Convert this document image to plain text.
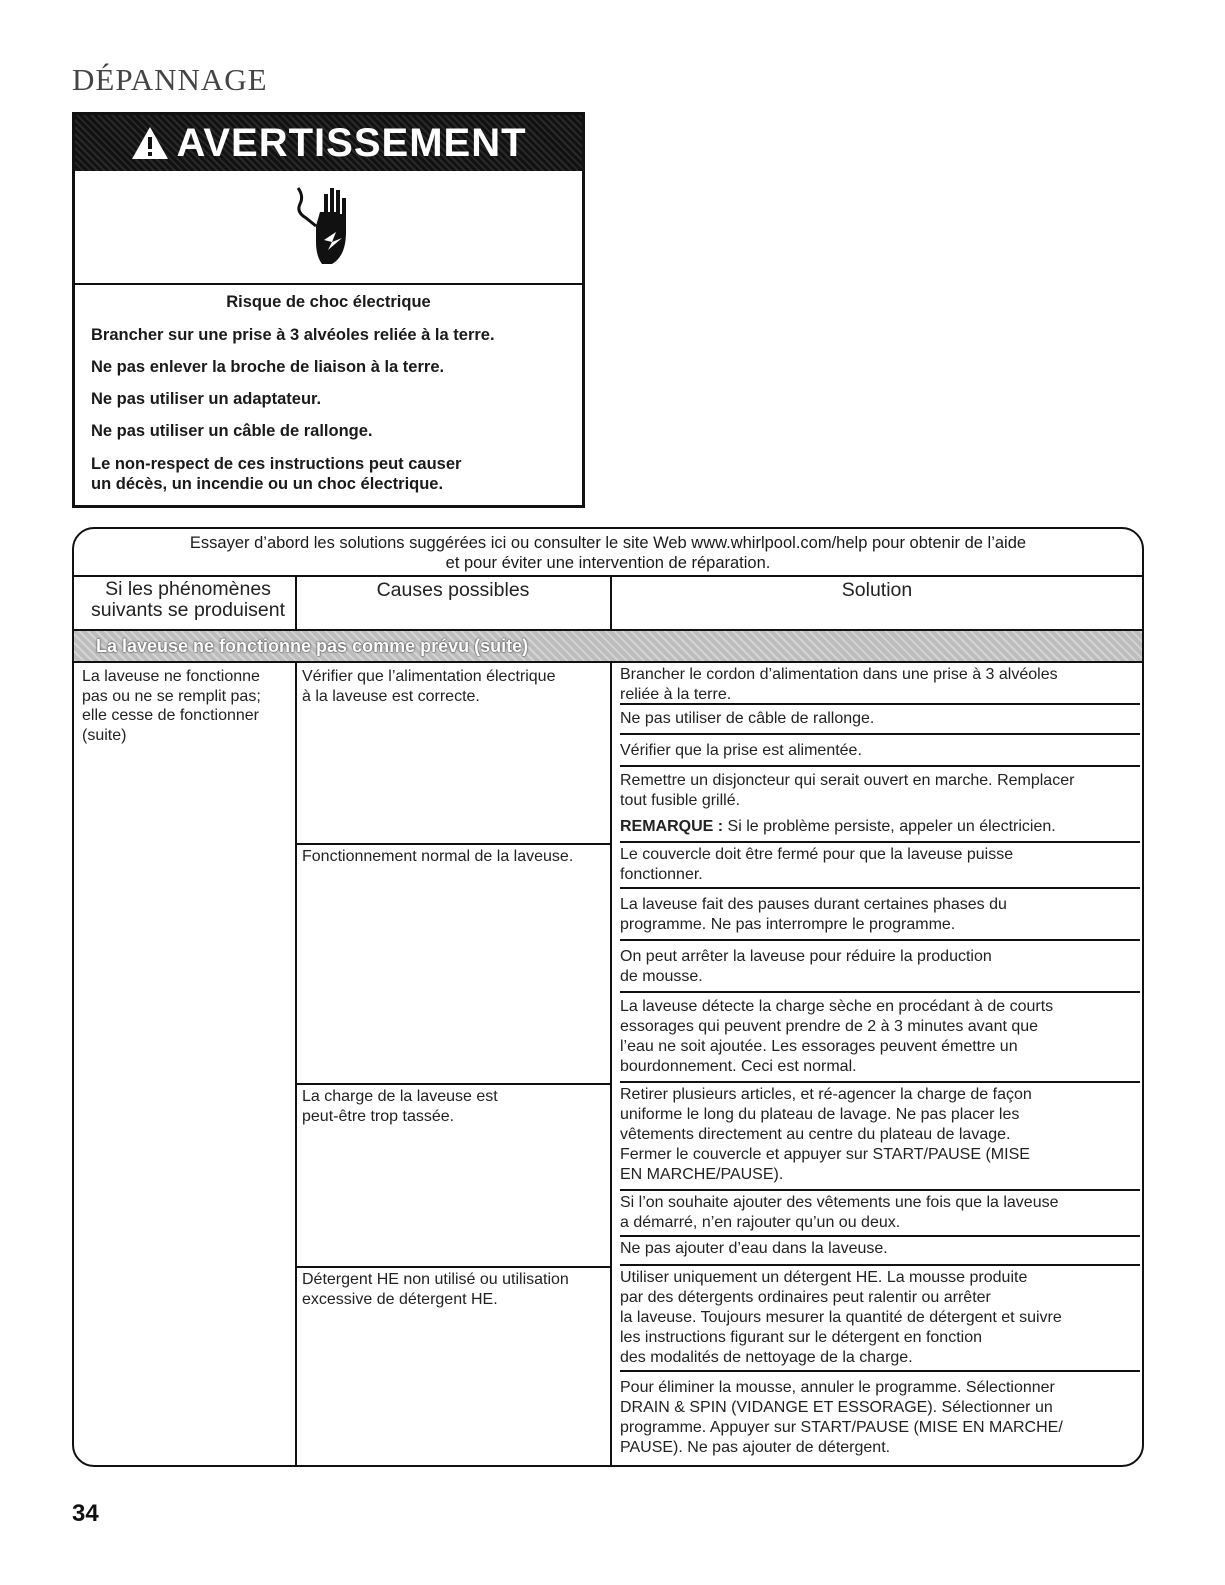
DÉPANNAGE
AVERTISSEMENT
Risque de choc électrique
Brancher sur une prise à 3 alvéoles reliée à la terre.
Ne pas enlever la broche de liaison à la terre.
Ne pas utiliser un adaptateur.
Ne pas utiliser un câble de rallonge.
Le non-respect de ces instructions peut causer
un décès, un incendie ou un choc électrique.
Essayer d’abord les solutions suggérées ici ou consulter le site Web www.whirlpool.com/help pour obtenir de l’aide
et pour éviter une intervention de réparation.
Si les phénomènes
suivants se produisent
Causes possibles	Solution
La laveuse ne fonctionne pas comme prévu (suite)
La laveuse ne fonctionne
pas ou ne se remplit pas;
elle cesse de fonctionner
(suite)
Vérifier que l’alimentation électrique
à la laveuse est correcte.
Fonctionnement normal de la laveuse.
La charge de la laveuse est
peut-être trop tassée.
Détergent HE non utilisé ou utilisation
excessive de détergent HE.
Brancher le cordon d’alimentation dans une prise à 3 alvéoles
reliée à la terre.
Ne pas utiliser de câble de rallonge.
Vérifier que la prise est alimentée.
Remettre un disjoncteur qui serait ouvert en marche. Remplacer
tout fusible grillé.
REMARQUE : Si le problème persiste, appeler un électricien.
Le couvercle doit être fermé pour que la laveuse puisse
fonctionner.
La laveuse fait des pauses durant certaines phases du
programme. Ne pas interrompre le programme.
On peut arrêter la laveuse pour réduire la production
de mousse.
La laveuse détecte la charge sèche en procédant à de courts
essorages qui peuvent prendre de 2 à 3 minutes avant que
l’eau ne soit ajoutée. Les essorages peuvent émettre un
bourdonnement. Ceci est normal.
Retirer plusieurs articles, et ré-agencer la charge de façon
uniforme le long du plateau de lavage. Ne pas placer les
vêtements directement au centre du plateau de lavage.
Fermer le couvercle et appuyer sur START/PAUSE (MISE
EN MARCHE/PAUSE).
Si l’on souhaite ajouter des vêtements une fois que la laveuse
a démarré, n’en rajouter qu’un ou deux.
Ne pas ajouter d’eau dans la laveuse.
Utiliser uniquement un détergent HE. La mousse produite
par des détergents ordinaires peut ralentir ou arrêter
la laveuse. Toujours mesurer la quantité de détergent et suivre
les instructions figurant sur le détergent en fonction
des modalités de nettoyage de la charge.
Pour éliminer la mousse, annuler le programme. Sélectionner
DRAIN & SPIN (VIDANGE ET ESSORAGE). Sélectionner un
programme. Appuyer sur START/PAUSE (MISE EN MARCHE/
PAUSE). Ne pas ajouter de détergent.
34
